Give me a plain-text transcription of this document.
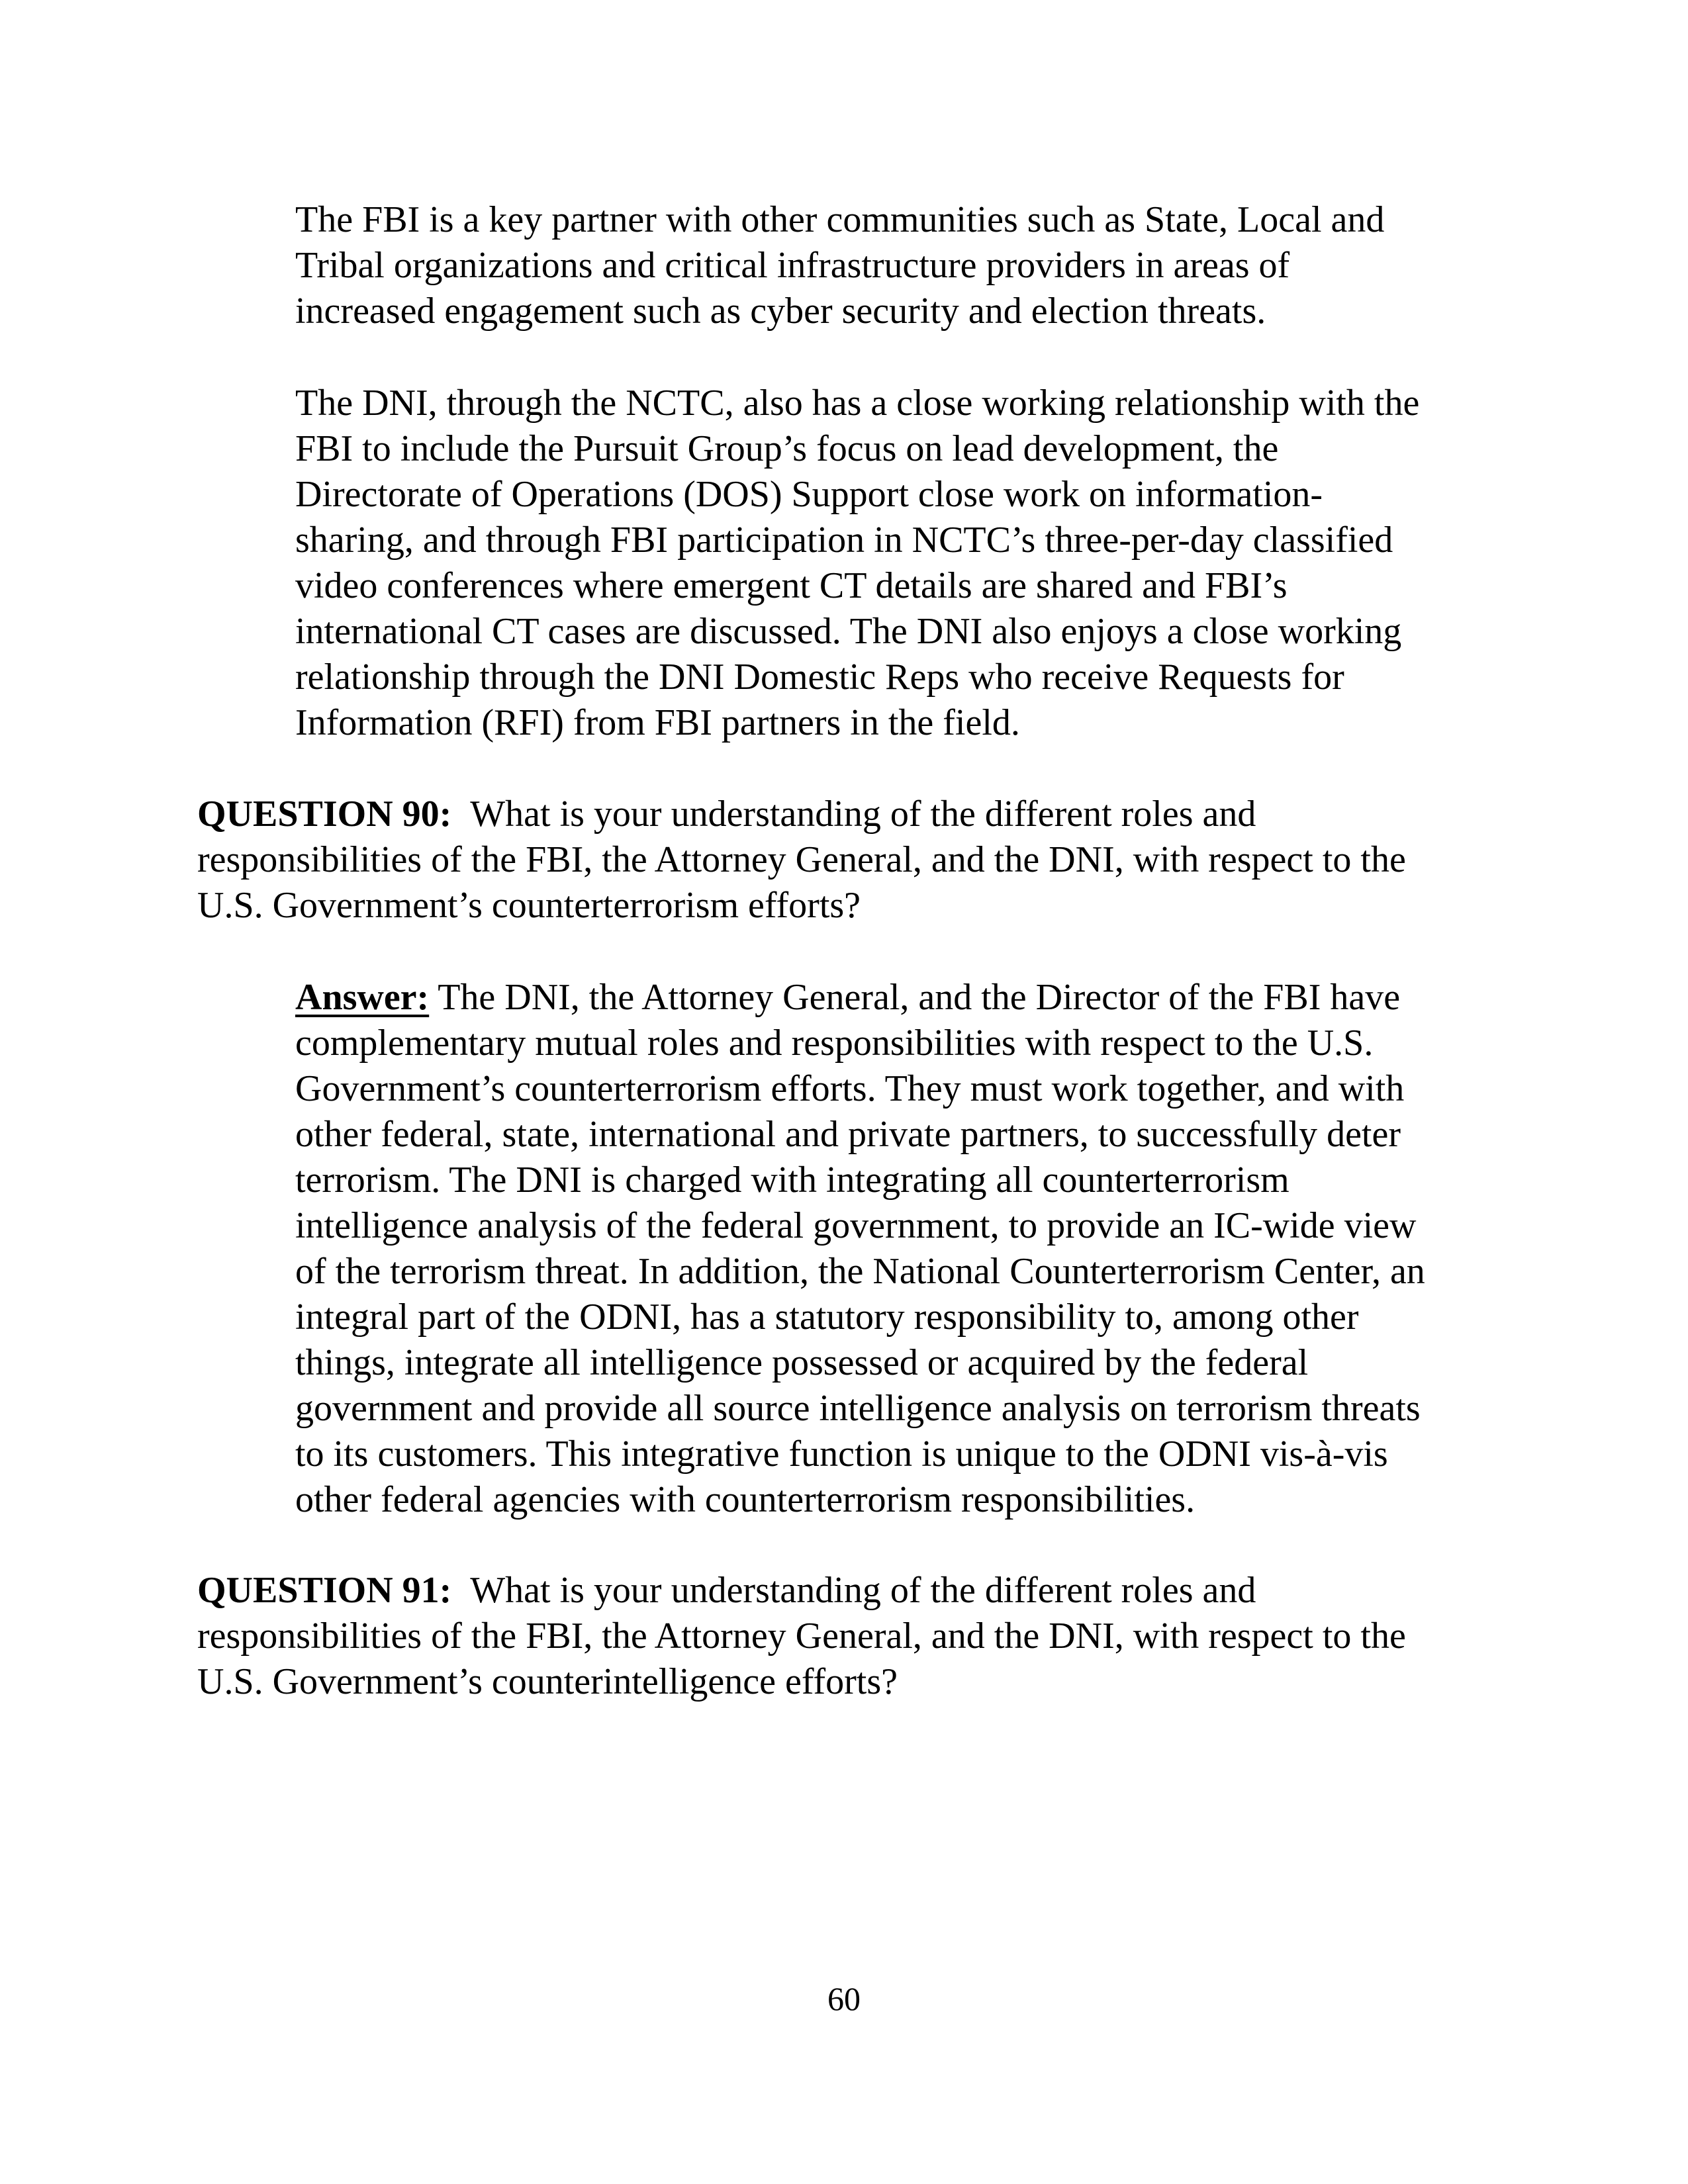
The FBI is a key partner with other communities such as State, Local and
Tribal organizations and critical infrastructure providers in areas of
increased engagement such as cyber security and election threats.

The DNI, through the NCTC, also has a close working relationship with the
FBI to include the Pursuit Group’s focus on lead development, the
Directorate of Operations (DOS) Support close work on information-
sharing, and through FBI participation in NCTC’s three-per-day classified
video conferences where emergent CT details are shared and FBI’s
international CT cases are discussed. The DNI also enjoys a close working
relationship through the DNI Domestic Reps who receive Requests for
Information (RFI) from FBI partners in the field.

QUESTION 90: What is your understanding of the different roles and
responsibilities of the FBI, the Attorney General, and the DNI, with respect to the
U.S. Government’s counterterrorism efforts?

Answer: The DNI, the Attorney General, and the Director of the FBI have
complementary mutual roles and responsibilities with respect to the U.S.
Government’s counterterrorism efforts. They must work together, and with
other federal, state, international and private partners, to successfully deter
terrorism. The DNI is charged with integrating all counterterrorism
intelligence analysis of the federal government, to provide an IC-wide view
of the terrorism threat. In addition, the National Counterterrorism Center, an
integral part of the ODNI, has a statutory responsibility to, among other
things, integrate all intelligence possessed or acquired by the federal
government and provide all source intelligence analysis on terrorism threats
to its customers. This integrative function is unique to the ODNI vis-à-vis
other federal agencies with counterterrorism responsibilities.

QUESTION 91: What is your understanding of the different roles and
responsibilities of the FBI, the Attorney General, and the DNI, with respect to the
U.S. Government’s counterintelligence efforts?

60
